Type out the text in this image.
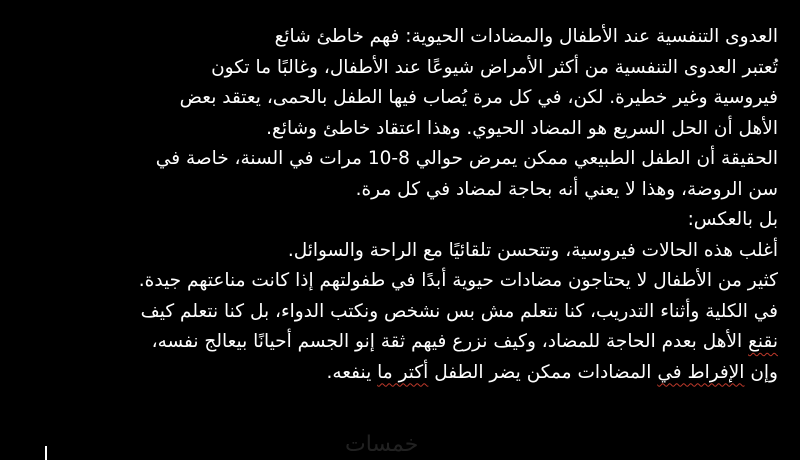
العدوى التنفسية عند الأطفال والمضادات الحيوية: فهم خاطئ شائع
تُعتبر العدوى التنفسية من أكثر الأمراض شيوعًا عند الأطفال، وغالبًا ما تكون
فيروسية وغير خطيرة. لكن، في كل مرة يُصاب فيها الطفل بالحمى، يعتقد بعض
الأهل أن الحل السريع هو المضاد الحيوي. وهذا اعتقاد خاطئ وشائع.
الحقيقة أن الطفل الطبيعي ممكن يمرض حوالي 8-10 مرات في السنة، خاصة في
سن الروضة، وهذا لا يعني أنه بحاجة لمضاد في كل مرة.
بل بالعكس:
أغلب هذه الحالات فيروسية، وتتحسن تلقائيًا مع الراحة والسوائل.
كثير من الأطفال لا يحتاجون مضادات حيوية أبدًا في طفولتهم إذا كانت مناعتهم جيدة.
في الكلية وأثناء التدريب، كنا نتعلم مش بس نشخص ونكتب الدواء، بل كنا نتعلم كيف
نقنع الأهل بعدم الحاجة للمضاد، وكيف نزرع فيهم ثقة إنو الجسم أحيانًا بيعالج نفسه،
وإن الإفراط في المضادات ممكن يضر الطفل أكتر ما ينفعه.
خمسات
